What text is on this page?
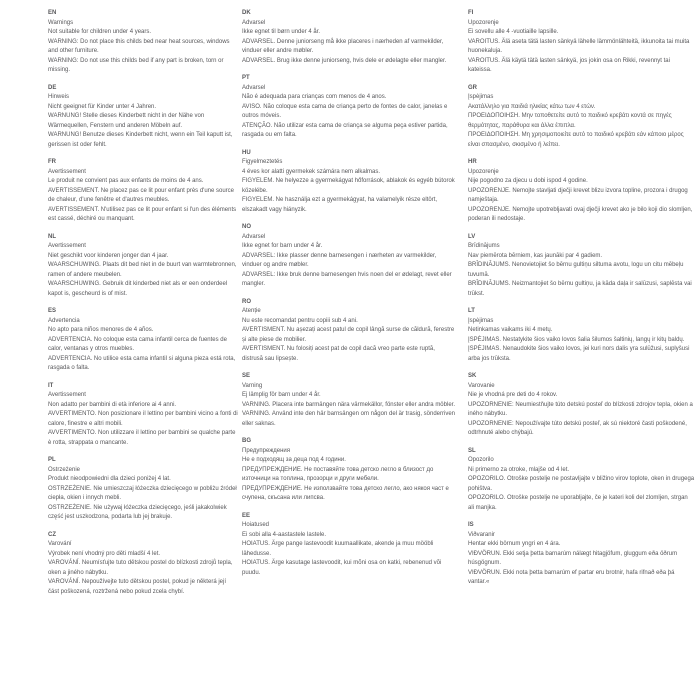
EN
Warnings
Not suitable for children under 4 years.
WARNING: Do not place this childs bed near heat sources, windows and other furniture.
WARNING: Do not use this childs bed if any part is broken, torn or missing.
DE
Hinweis
Nicht geeignet für Kinder unter 4 Jahren.
WARNUNG! Stelle dieses Kinderbett nicht in der Nähe von Wärmequellen, Fenstern und anderen Möbeln auf.
WARNUNG! Benutze dieses Kinderbett nicht, wenn ein Teil kaputt ist, gerissen ist oder fehlt.
FR
Avertissement
Le produit ne convient pas aux enfants de moins de 4 ans.
AVERTISSEMENT. Ne placez pas ce lit pour enfant près d'une source de chaleur, d'une fenêtre et d'autres meubles.
AVERTISSEMENT. N'utilisez pas ce lit pour enfant si l'un des éléments est cassé, déchiré ou manquant.
NL
Avertissement
Niet geschikt voor kinderen jonger dan 4 jaar.
WAARSCHUWING. Plaats dit bed niet in de buurt van warmtebronnen, ramen of andere meubelen.
WAARSCHUWING. Gebruik dit kinderbed niet als er een onderdeel kapot is, gescheurd is of mist.
ES
Advertencia
No apto para niños menores de 4 años.
ADVERTENCIA. No coloque esta cama infantil cerca de fuentes de calor, ventanas y otros muebles.
ADVERTENCIA. No utilice esta cama infantil si alguna pieza está rota, rasgada o falta.
IT
Avertissement
Non adatto per bambini di età inferiore ai 4 anni.
AVVERTIMENTO. Non posizionare il lettino per bambini vicino a fonti di calore, finestre e altri mobili.
AVVERTIMENTO. Non utilizzare il lettino per bambini se qualche parte è rotta, strappata o mancante.
PL
Ostrzeżenie
Produkt nieodpowiedni dla dzieci poniżej 4 lat.
OSTRZEŻENIE. Nie umieszczaj łóżeczka dziecięcego w pobliżu źródeł ciepła, okien i innych mebli.
OSTRZEŻENIE. Nie używaj łóżeczka dziecięcego, jeśli jakakolwiek część jest uszkodzona, podarta lub jej brakuje.
CZ
Varování
Výrobek není vhodný pro děti mladší 4 let.
VAROVÁNÍ. Neumísťujte tuto dětskou postel do blízkosti zdrojů tepla, oken a jiného nábytku.
VAROVÁNÍ. Nepoužívejte tuto dětskou postel, pokud je některá její část poškozená, roztržená nebo pokud zcela chybí.
DK
Advarsel
Ikke egnet til børn under 4 år.
ADVARSEL. Denne juniorseng må ikke placeres i nærheden af varmekilder, vinduer eller andre møbler.
ADVARSEL. Brug ikke denne juniorseng, hvis dele er ødelagte eller mangler.
PT
Advarsel
Não é adequada para crianças com menos de 4 anos.
AVISO. Não coloque esta cama de criança perto de fontes de calor, janelas e outros móveis.
ATENÇÃO. Não utilizar esta cama de criança se alguma peça estiver partida, rasgada ou em falta.
HU
Figyelmeztetés
4 éves kor alatti gyermekek számára nem alkalmas.
FIGYELEM. Ne helyezze a gyermekágyat hőforrások, ablakok és egyéb bútorok közelébe.
FIGYELEM. Ne használja ezt a gyermekágyat, ha valamelyik része eltört, elszakadt vagy hiányzik.
NO
Advarsel
Ikke egnet for barn under 4 år.
ADVARSEL: Ikke plasser denne barnesengen i nærheten av varmekilder, vinduer og andre møbler.
ADVARSEL: Ikke bruk denne barnesengen hvis noen del er ødelagt, revet eller mangler.
RO
Atenție
Nu este recomandat pentru copiii sub 4 ani.
AVERTISMENT. Nu așezați acest patul de copil lângă surse de căldură, ferestre și alte piese de mobilier.
AVERTISMENT. Nu folosiți acest pat de copil dacă vreo parte este ruptă, distrusă sau lipsește.
SE
Varning
Ej lämplig för barn under 4 år.
VARNING. Placera inte barmängen nära värmekällor, fönster eller andra möbler.
VARNING. Använd inte den här barnsängen om någon del är trasig, sönderriven eller saknas.
BG
Предупреждения
Не е подходящ за деца под 4 години.
ПРЕДУПРЕЖДЕНИЕ. Не поставяйте това детско легло в близост до източници на топлина, прозорци и други мебели.
ПРЕДУПРЕЖДЕНИЕ. Не използвайте това детско легло, ако някоя част е счупена, скъсана или липсва.
EE
Hoiatused
Ei sobi alla 4-aastastele lastele.
HOIATUS. Ärge pange lastevoodit kuumaallikate, akende ja muu mööbli lähedusse.
HOIATUS. Ärge kasutage lastevoodit, kui mõni osa on katki, rebenenud või puudu.
FI
Upozorenje
Ei sovellu alle 4 -vuotiaille lapsille.
VAROITUS. Älä aseta tätä lasten sänkyä lähelle lämmönlähteitä, ikkunoita tai muita huonekaluja.
VAROITUS. Älä käytä tätä lasten sänkyä, jos jokin osa on Rikki, revennyt tai kateissa.
GR
Įspėjimas
Ακατάλληλο για παιδιά ηλικίας κάτω των 4 ετών.
ΠΡΟΕΙΔΟΠΟΙΗΣΗ. Μην τοποθετείτε αυτό το παιδικό κρεβάτι κοντά σε πηγές θερμότητας, παράθυρα και άλλα έπιπλα.
ΠΡΟΕΙΔΟΠΟΙΗΣΗ. Μη χρησιμοποιείτε αυτό το παιδικό κρεβάτι εάν κάποιο μέρος είναι σπασμένο, σκισμένο ή λείπει.
HR
Upozorenje
Nije pogodno za djecu u dobi ispod 4 godine.
UPOZORENJE. Nemojte stavljati dječji krevet blizu izvora topline, prozora i drugog namještaja.
UPOZORENJE. Nemojte upotrebljavati ovaj dječji krevet ako je bilo koji dio slomljen, poderan ili nedostaje.
LV
Brīdinājums
Nav piemērota bērniem, kas jaunāki par 4 gadiem.
BRĪDINĀJUMS. Nenovietojiet šo bērnu gultiņu siltuma avotu, logu un citu mēbeļu tuvumā.
BRĪDINĀJUMS. Neizmantojiet šo bērnu gultiņu, ja kāda daļa ir salūzusi, saplēsta vai trūkst.
LT
Įspėjimas
Netinkamas vaikams iki 4 metų.
ĮSPĖJIMAS. Nestatykite šios vaiko lovos šalia šilumos šaltinių, langų ir kitų baldų.
ĮSPĖJIMAS. Nenaudokite šios vaiko lovos, jei kuri nors dalis yra sulūžusi, suplyšusi arba jos trūksta.
SK
Varovanie
Nie je vhodná pre deti do 4 rokov.
UPOZORNENIE: Neumiestňujte túto detskú posteľ do blízkosti zdrojov tepla, okien a iného nábytku.
UPOZORNENIE: Nepoužívajte túto detskú posteľ, ak sú niektoré časti poškodené, odtrhnuté alebo chýbajú.
SL
Opozorilo
Ni primerno za otroke, mlajše od 4 let.
OPOZORILO. Otroške postelje ne postavljajte v bližino virov toplote, oken in drugega pohištva.
OPOZORILO. Otroške postelje ne uporabljajte, če je kateri koli del zlomljen, strgan ali manjka.
IS
Viðvaranir
Hentar ekki börnum yngri en 4 ára.
VIÐVÖRUN. Ekki setja þetta barnarúm nálægt hitagjöfum, gluggum eða öðrum húsgögnum.
VIÐVÖRUN. Ekki nota þetta barnarúm ef partar eru brotnir, hafa rifnað eða þá vantar.«
